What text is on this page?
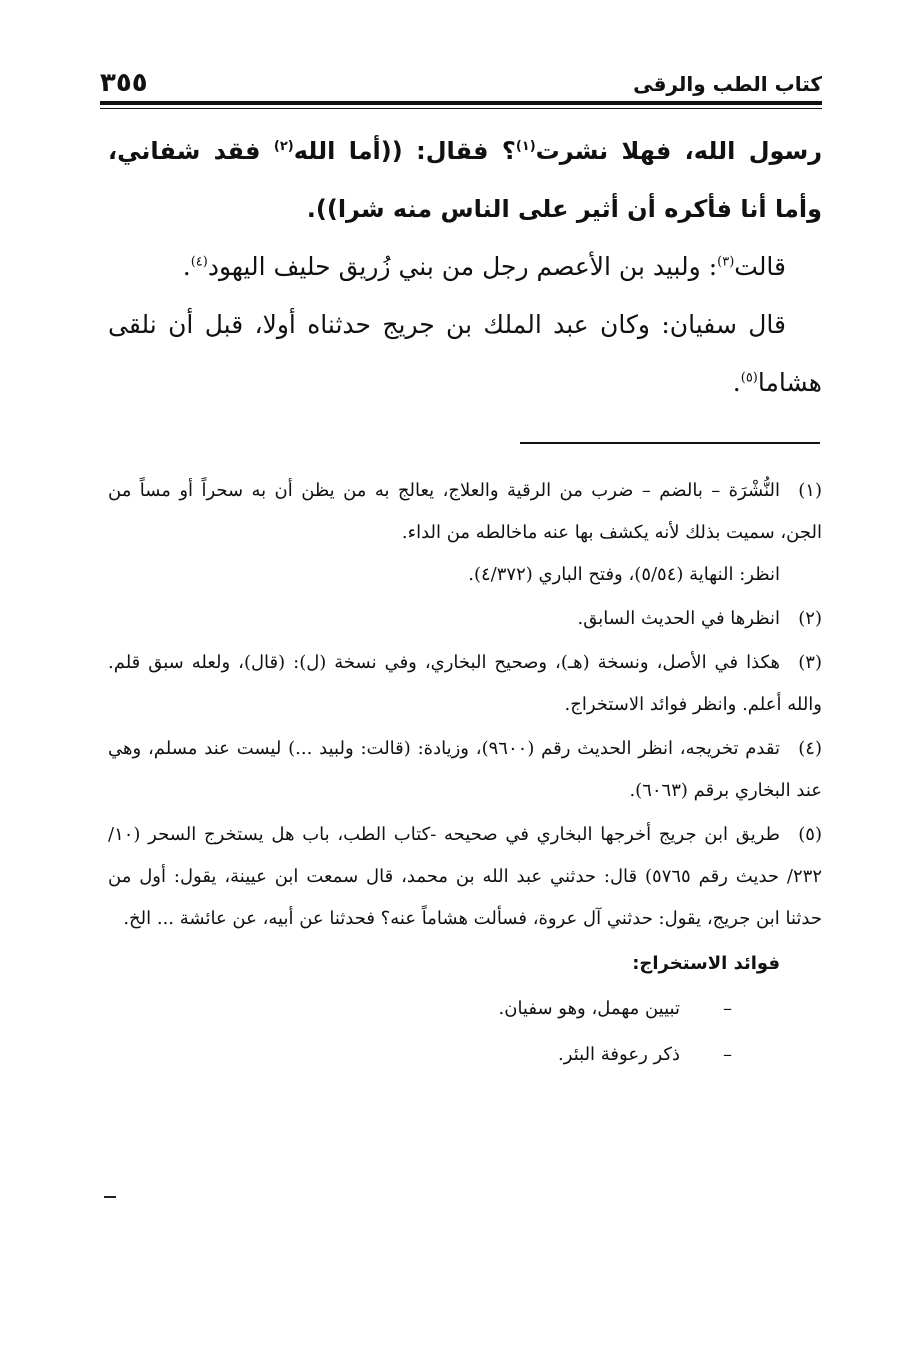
كتاب الطب والرقى
٣٥٥

رسول الله، فهلا نشرت$^{(١)}$؟ فقال: ((أما الله$^{(٢)}$ فقد شفاني، وأما أنا فأكره أن أثير على الناس منه شرا)).

قالت$^{(٣)}$: ولبيد بن الأعصم رجل من بني زُريق حليف اليهود$^{(٤)}$.

قال سفيان: وكان عبد الملك بن جريج حدثناه أولا، قبل أن نلقى هشاما$^{(٥)}$.

(١)النُّشْرَة – بالضم – ضرب من الرقية والعلاج، يعالج به من يظن أن به سحراً أو مساً من الجن، سميت بذلك لأنه يكشف بها عنه ماخالطه من الداء.
انظر: النهاية (٥/٥٤)، وفتح الباري (٤/٣٧٢).

(٢)انظرها في الحديث السابق.

(٣)هكذا في الأصل، ونسخة (هـ)، وصحيح البخاري، وفي نسخة (ل): (قال)، ولعله سبق قلم. والله أعلم. وانظر فوائد الاستخراج.

(٤)تقدم تخريجه، انظر الحديث رقم (٩٦٠٠)، وزيادة: (قالت: ولبيد ...) ليست عند مسلم، وهي عند البخاري برقم (٦٠٦٣).

(٥)طريق ابن جريج أخرجها البخاري في صحيحه -كتاب الطب، باب هل يستخرج السحر (١٠/ ٢٣٢/ حديث رقم ٥٧٦٥) قال: حدثني عبد الله بن محمد، قال سمعت ابن عيينة، يقول: أول من حدثنا ابن جريج، يقول: حدثني آل عروة، فسألت هشاماً عنه؟ فحدثنا عن أبيه، عن عائشة ... الخ.

فوائد الاستخراج:

–تبيين مهمل، وهو سفيان.

–ذكر رعوفة البئر.
